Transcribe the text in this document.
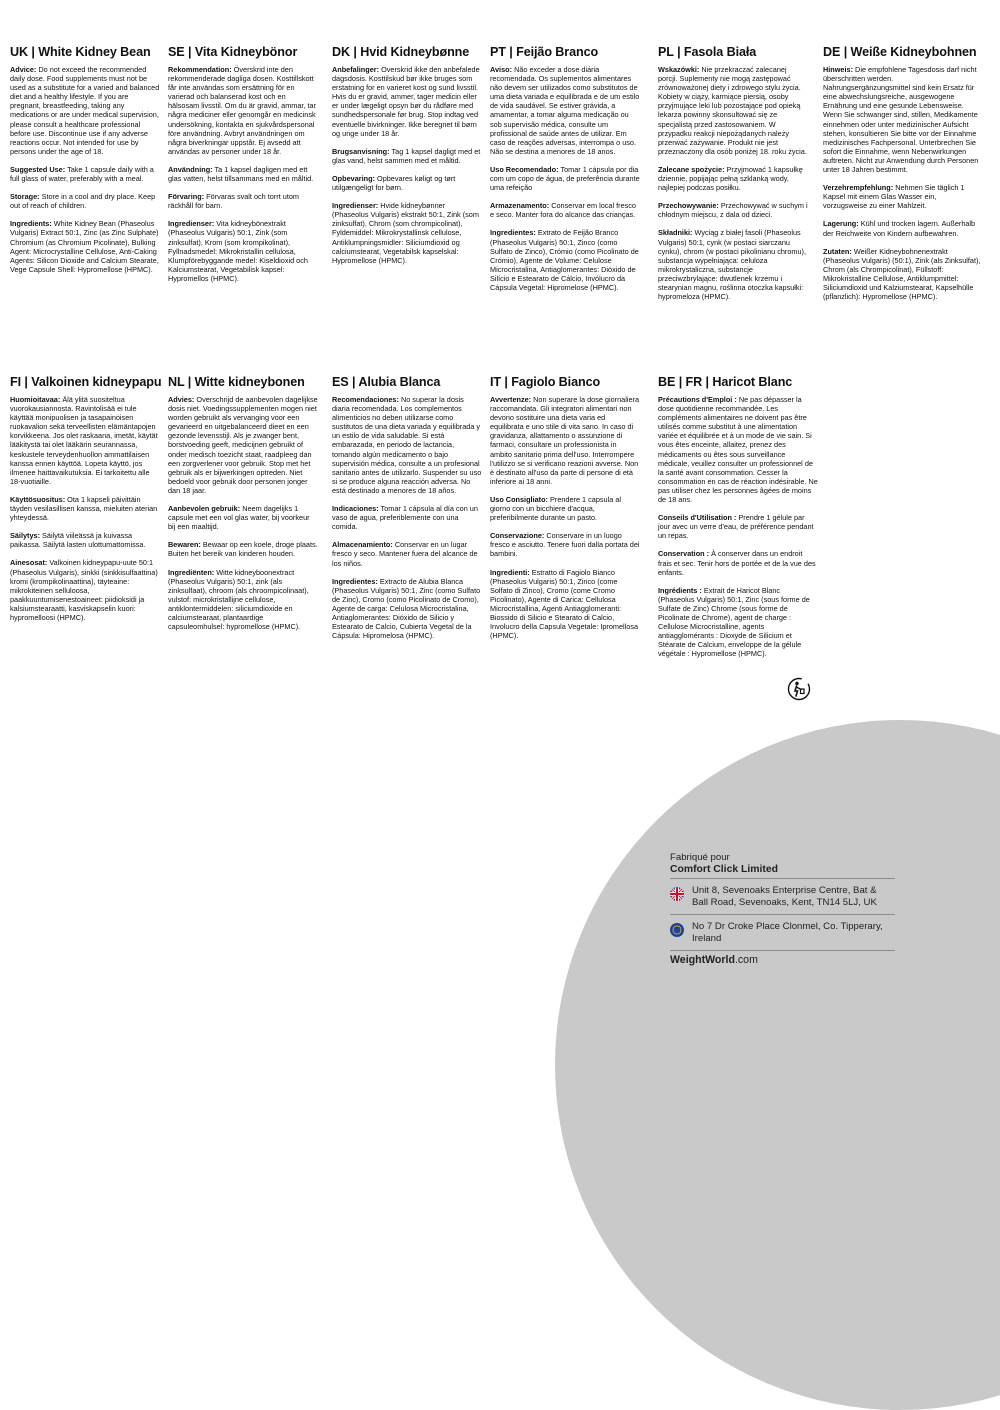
UK | White Kidney Bean

Advice: Do not exceed the recommended daily dose. Food supplements must not be used as a substitute for a varied and balanced diet and a healthy lifestyle. If you are pregnant, breastfeeding, taking any medications or are under medical supervision, please consult a healthcare professional before use. Discontinue use if any adverse reactions occur. Not intended for use by persons under the age of 18.

Suggested Use: Take 1 capsule daily with a full glass of water, preferably with a meal.

Storage: Store in a cool and dry place. Keep out of reach of children.

Ingredients: White Kidney Bean (Phaseolus Vulgaris) Extract 50:1, Zinc (as Zinc Sulphate) Chromium (as Chromium Picolinate), Bulking Agent: Microcrystalline Cellulose, Anti-Caking Agents: Silicon Dioxide and Calcium Stearate, Vege Capsule Shell: Hypromellose (HPMC).

SE | Vita Kidneybönor

Rekommendation: Överskrid inte den rekommenderade dagliga dosen. Kosttillskott får inte användas som ersättning för en varierad och balanserad kost och en hälsosam livsstil. Om du är gravid, ammar, tar några mediciner eller genomgår en medicinsk undersökning, kontakta en sjukvårdspersonal före användning. Avbryt användningen om några biverkningar uppstår. Ej avsedd att användas av personer under 18 år.

Användning: Ta 1 kapsel dagligen med ett glas vatten, helst tillsammans med en måltid.

Förvaring: Förvaras svalt och torrt utom räckhåll för barn.

Ingredienser: Vita kidneybönextrakt (Phaseolus Vulgaris) 50:1, Zink (som zinksulfat), Krom (som krompikolinat), Fyllnadsmedel: Mikrokristallin cellulosa, Klumpförebyggande medel: Kiseldioxid och Kalciumstearat, Vegetabilisk kapsel: Hypromellos (HPMC).

DK | Hvid Kidneybønne

Anbefalinger: Overskrid ikke den anbefalede dagsdosis. Kosttilskud bør ikke bruges som erstatning for en varieret kost og sund livsstil. Hvis du er gravid, ammer, tager medicin eller er under lægeligt opsyn bør du rådføre med sundhedspersonale før brug. Stop indtag ved eventuelle bivirkninger. Ikke beregnet til børn og unge under 18 år.

Brugsanvisning: Tag 1 kapsel dagligt med et glas vand, helst sammen med et måltid.

Opbevaring: Opbevares køligt og tørt utilgængeligt for børn.

Ingredienser: Hvide kidneybønner (Phaseolus Vulgaris) ekstrakt 50:1, Zink (som zinksulfat), Chrom (som chrompicolinat), Fyldemiddel: Mikrokrystallinsk cellulose, Antiklumpningsmidler: Siliciumdioxid og calciumstearat, Vegetabilsk kapselskal: Hypromellose (HPMC).

PT | Feijão Branco

Aviso: Não exceder a dose diária recomendada. Os suplementos alimentares não devem ser utilizados como substitutos de uma dieta variada e equilibrada e de um estilo de vida saudável. Se estiver grávida, a amamentar, a tomar alguma medicação ou sob supervisão médica, consulte um profissional de saúde antes de utilizar. Em caso de reações adversas, interrompa o uso. Não se destina a menores de 18 anos.

Uso Recomendado: Tomar 1 cápsula por dia com um copo de água, de preferência durante uma refeição

Armazenamento: Conservar em local fresco e seco. Manter fora do alcance das crianças.

Ingredientes: Extrato de Feijão Branco (Phaseolus Vulgaris) 50:1, Zinco (como Sulfato de Zinco), Crómio (como Picolinato de Crómio), Agente de Volume: Celulose Microcristalina, Antiaglomerantes: Dióxido de Silício e Estearato de Cálcio, Invólucro da Cápsula Vegetal: Hipromelose (HPMC).

PL | Fasola Biała

Wskazówki: Nie przekraczać zalecanej porcji. Suplementy nie mogą zastępować zrównoważonej diety i zdrowego stylu życia. Kobiety w ciąży, karmiące piersią, osoby przyjmujące leki lub pozostające pod opieką lekarza powinny skonsultować się ze specjalistą przed zastosowaniem. W przypadku reakcji niepożądanych należy przerwać zażywanie. Produkt nie jest przeznaczony dla osób poniżej 18. roku życia.

Zalecane spożycie: Przyjmować 1 kapsułkę dziennie, popijając pełną szklanką wody, najlepiej podczas posiłku.

Przechowywanie: Przechowywać w suchym i chłodnym miejscu, z dala od dzieci.

Składniki: Wyciąg z białej fasoli (Phaseolus Vulgaris) 50:1, cynk (w postaci siarczanu cynku), chrom (w postaci pikolinianu chromu), substancja wypełniająca: celuloza mikrokrystaliczna, substancje przeciwzbrylające: dwutlenek krzemu i stearynian magnu, roślinna otoczka kapsułki: hypromeloza (HPMC).

DE | Weiße Kidneybohnen

Hinweis: Die empfohlene Tagesdosis darf nicht überschritten werden. Nahrungsergänzungsmittel sind kein Ersatz für eine abwechslungsreiche, ausgewogene Ernährung und eine gesunde Lebensweise. Wenn Sie schwanger sind, stillen, Medikamente einnehmen oder unter medizinischer Aufsicht stehen, konsultieren Sie bitte vor der Einnahme medizinisches Fachpersonal. Unterbrechen Sie sofort die Einnahme, wenn Nebenwirkungen auftreten. Nicht zur Anwendung durch Personen unter 18 Jahren bestimmt.

Verzehrempfehlung: Nehmen Sie täglich 1 Kapsel mit einem Glas Wasser ein, vorzugsweise zu einer Mahlzeit.

Lagerung: Kühl und trocken lagern. Außerhalb der Reichweite von Kindern aufbewahren.

Zutaten: Weißer Kidneybohnenextrakt (Phaseolus Vulgaris) (50:1), Zink (als Zinksulfat), Chrom (als Chrompicolinat), Füllstoff: Mikrokristalline Cellulose, Antiklumpmittel: Siliciumdioxid und Kalziumstearat, Kapselhülle (pflanzlich): Hypromellose (HPMC).

FI | Valkoinen kidneypapu

Huomioitavaa: Älä ylitä suositeltua vuorokausiannosta. Ravintolisää ei tule käyttää monipuolisen ja tasapainoisen ruokavalion sekä terveellisten elämäntapojen korvikkeena. Jos olet raskaana, imetät, käytät lääkitystä tai olet lääkärin seurannassa, keskustele terveydenhuollon ammattilaisen kanssa ennen käyttöä. Lopeta käyttö, jos ilmenee haittavaikutuksia. Ei tarkoitettu alle 18-vuotiaille.

Käyttösuositus: Ota 1 kapseli päivittäin täyden vesilasillisen kanssa, mieluiten aterian yhteydessä.

Säilytys: Säilytä viileässä ja kuivassa paikassa. Säilytä lasten ulottumattomissa.

Ainesosat: Valkoinen kidneypapu-uute 50:1 (Phaseolus Vulgaris), sinkki (sinkkisulfaattina) kromi (krompikolinaattina), täyteaine: mikrokiteinen selluloosa, paakkuuntumisenestoaineet: piidioksidi ja kalsiumstearaatti, kasviskapselin kuori: hypromelloosi (HPMC).

NL | Witte kidneybonen

Advies: Overschrijd de aanbevolen dagelijkse dosis niet. Voedingssupplementen mogen niet worden gebruikt als vervanging voor een gevarieerd en uitgebalanceerd dieet en een gezonde levensstijl. Als je zwanger bent, borstvoeding geeft, medicijnen gebruikt of onder medisch toezicht staat, raadpleeg dan een zorgverlener voor gebruik. Stop met het gebruik als er bijwerkingen optreden. Niet bedoeld voor gebruik door personen jonger dan 18 jaar.

Aanbevolen gebruik: Neem dagelijks 1 capsule met een vol glas water, bij voorkeur bij een maaltijd.

Bewaren: Bewaar op een koele, droge plaats. Buiten het bereik van kinderen houden.

Ingrediënten: Witte kidneyboonextract (Phaseolus Vulgaris) 50:1, zink (als zinksulfaat), chroom (als chroompicolinaat), vulstof: microkristallijne cellulose, antiklontermiddelen: siliciumdioxide en calciumstearaat, plantaardige capsuleomhulsel: hypromellose (HPMC).

ES | Alubia Blanca

Recomendaciones: No superar la dosis diaria recomendada. Los complementos alimenticios no deben utilizarse como sustitutos de una dieta variada y equilibrada y un estilo de vida saludable. Si está embarazada, en periodo de lactancia, tomando algún medicamento o bajo supervisión médica, consulte a un profesional sanitario antes de utilizarlo. Suspender su uso si se produce alguna reacción adversa. No está destinado a menores de 18 años.

Indicaciones: Tomar 1 cápsula al día con un vaso de agua, preferiblemente con una comida.

Almacenamiento: Conservar en un lugar fresco y seco. Mantener fuera del alcance de los niños.

Ingredientes: Extracto de Alubia Blanca (Phaseolus Vulgaris) 50:1, Zinc (como Sulfato de Zinc), Cromo (como Picolinato de Cromo), Agente de carga: Celulosa Microcristalina, Antiaglomerantes: Dióxido de Silicio y Estearato de Calcio, Cubierta Vegetal de la Cápsula: Hipromelosa (HPMC).

IT | Fagiolo Bianco

Avvertenze: Non superare la dose giornaliera raccomandata. Gli integratori alimentari non devono sostituire una dieta varia ed equilibrata e uno stile di vita sano. In caso di gravidanza, allattamento o assunzione di farmaci, consultare un professionista in ambito sanitario prima dell'uso. Interrompere l'utilizzo se si verificano reazioni avverse. Non è destinato all'uso da parte di persone di età inferiore ai 18 anni.

Uso Consigliato: Prendere 1 capsula al giorno con un bicchiere d'acqua, preferibilmente durante un pasto.

Conservazione: Conservare in un luogo fresco e asciutto. Tenere fuori dalla portata dei bambini.

Ingredienti: Estratto di Fagiolo Bianco (Phaseolus Vulgaris) 50:1, Zinco (come Solfato di Zinco), Cromo (come Cromo Picolinato), Agente di Carica: Cellulosa Microcristallina, Agenti Antiagglomeranti: Biossido di Silicio e Stearato di Calcio, Involucro della Capsula Vegetale: Ipromellosa (HPMC).

BE | FR | Haricot Blanc

Précautions d'Emploi : Ne pas dépasser la dose quotidienne recommandée. Les compléments alimentaires ne doivent pas être utilisés comme substitut à une alimentation variée et équilibrée et à un mode de vie sain. Si vous êtes enceinte, allaitez, prenez des médicaments ou êtes sous surveillance médicale, veuillez consulter un professionnel de la santé avant consommation. Cesser la consommation en cas de réaction indésirable. Ne pas utiliser chez les personnes âgées de moins de 18 ans.

Conseils d'Utilisation : Prendre 1 gélule par jour avec un verre d'eau, de préférence pendant un repas.

Conservation : À conserver dans un endroit frais et sec. Tenir hors de portée et de la vue des enfants.

Ingrédients : Extrait de Haricot Blanc (Phaseolus Vulgaris) 50:1, Zinc (sous forme de Sulfate de Zinc) Chrome (sous forme de Picolinate de Chrome), agent de charge : Cellulose Microcristalline, agents antiagglomérants : Dioxyde de Silicium et Stéarate de Calcium, enveloppe de la gélule végétale : Hypromellose (HPMC).

Fabriqué pour
Comfort Click Limited
Unit 8, Sevenoaks Enterprise Centre, Bat & Ball Road, Sevenoaks, Kent, TN14 5LJ, UK
No 7 Dr Croke Place Clonmel, Co. Tipperary, Ireland
WeightWorld.com
